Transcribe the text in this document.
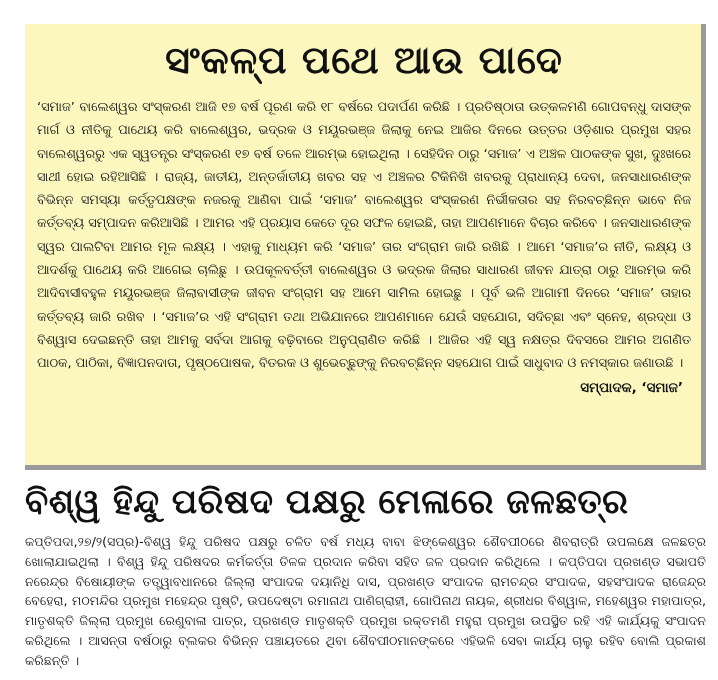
ସଂକଳ୍ପ ପଥେ ଆଉ ପାଦେ

‘ସମାଜ’ ବାଲେଶ୍ୱର ସଂସ୍କରଣ ଆଜି ୧୭ ବର୍ଷ ପୂରଣ କରି ୧୮ ବର୍ଷରେ ପଦାର୍ପଣ କରିଛି । ପ୍ରତିଷ୍ଠାତା ଉତ୍କଳମଣି ଗୋପବନ୍ଧୁ ଦାସଙ୍କ ମାର୍ଗ ଓ ନୀତିକୁ ପାଥେୟ କରି ବାଲେଶ୍ୱର, ଭଦ୍ରକ ଓ ମୟୂରଭଞ୍ଜ ଜିଲାକୁ ନେଇ ଆଜିର ଦିନରେ ଉତ୍ତର ଓଡ଼ିଶାର ପ୍ରମୁଖ ସହର ବାଲେଶ୍ୱରରୁ ଏକ ସ୍ୱତନ୍ତ୍ର ସଂସ୍କରଣ ୧୭ ବର୍ଷ ତଳେ ଆରମ୍ଭ ହୋଇଥିଲା । ସେହିଦିନ ଠାରୁ ‘ସମାଜ’ ଏ ଅଞ୍ଚଳ ପାଠକଙ୍କ ସୁଖ, ଦୁଃଖରେ ସାଥୀ ହୋଇ ରହିଆସିଛି । ରାଜ୍ୟ, ଜାତୀୟ, ଅନ୍ତର୍ଜାତୀୟ ଖବର ସହ ଏ ଅଞ୍ଚଳର ଟିକିନିଖି ଖବରକୁ ପ୍ରାଧାନ୍ୟ ଦେବା, ଜନସାଧାରଣଙ୍କ ବିଭିନ୍ନ ସମସ୍ୟା କର୍ତ୍ତୃପକ୍ଷଙ୍କ ନଜରକୁ ଆଣିବା ପାଇଁ ‘ସମାଜ’ ବାଲେଶ୍ୱର ସଂସ୍କରଣ ନିର୍ଭୀକତାର ସହ ନିରବଚ୍ଛିନ୍ନ ଭାବେ ନିଜ କର୍ତ୍ତବ୍ୟ ସମ୍ପାଦନ କରିଆସିଛି । ଆମର ଏହି ପ୍ରୟାସ କେତେ ଦୂର ସଫଳ ହୋଇଛି, ତାହା ଆପଣମାନେ ବିଚାର କରିବେ । ଜନସାଧାରଣଙ୍କ ସ୍ୱର ପାଲଟିବା ଆମର ମୂଳ ଲକ୍ଷ୍ୟ । ଏହାକୁ ମାଧ୍ୟମ କରି ‘ସମାଜ’ ତାର ସଂଗ୍ରାମ ଜାରି ରଖିଛି । ଆମେ ‘ସମାଜ’ର ନୀତି, ଲକ୍ଷ୍ୟ ଓ ଆଦର୍ଶକୁ ପାଥେୟ କରି ଆଗେଇ ଚାଲିଛୁ । ଉପକୂଳବର୍ତ୍ତୀ ବାଲେଶ୍ୱର ଓ ଭଦ୍ରକ ଜିଲାର ସାଧାରଣ ଜୀବନ ଯାତ୍ରା ଠାରୁ ଆରମ୍ଭ କରି ଆଦିବାସୀବହୁଳ ମୟୂରଭଞ୍ଜ ଜିଲାବାସୀଙ୍କ ଜୀବନ ସଂଗ୍ରାମ ସହ ଆମେ ସାମିଲ ହୋଇଛୁ । ପୂର୍ବ ଭଳି ଆଗାମୀ ଦିନରେ ‘ସମାଜ’ ତାହାର କର୍ତ୍ତବ୍ୟ ଜାରି ରଖିବ । ‘ସମାଜ’ର ଏହି ସଂଗ୍ରାମ ତଥା ଅଭିଯାନରେ ଆପଣମାନେ ଯେଉଁ ସହଯୋଗ, ସଦିଚ୍ଛା ଏବଂ ସ୍ନେହ, ଶ୍ରଦ୍ଧା ଓ ବିଶ୍ୱାସ ଦେଇଛନ୍ତି ତାହା ଆମକୁ ସର୍ବଦା ଆଗକୁ ବଢ଼ିବାରେ ଅନୁପ୍ରାଣିତ କରିଛି । ଆଜିର ଏହି ସ୍ୱ ନକ୍ଷତ୍ର ଦିବସରେ ଆମର ଅଗଣିତ ପାଠକ, ପାଠିକା, ବିଜ୍ଞାପନଦାତା, ପୃଷ୍ଠପୋଷକ, ବିତରକ ଓ ଶୁଭେଚ୍ଛୁଙ୍କୁ ନିରବଚ୍ଛିନ୍ନ ସହଯୋଗ ପାଇଁ ସାଧୁବାଦ ଓ ନମସ୍କାର ଜଣାଉଛି ।

ସମ୍ପାଦକ, ‘ସମାଜ’
ବିଶ୍ୱ ହିନ୍ଦୁ ପରିଷଦ ପକ୍ଷରୁ ମେଳାରେ ଜଳଛତ୍ର

କପ୍ତିପଦା,୨୭/୨(ସପ୍ର)-ବିଶ୍ୱ ହିନ୍ଦୁ ପରିଷଦ ପକ୍ଷରୁ ଚଳିତ ବର୍ଷ ମଧ୍ୟ ବାବା ଝିଙ୍କେଶ୍ୱର ଶୈବପୀଠରେ ଶିବରାତ୍ରି ଉପଲକ୍ଷେ ଜଳଛତ୍ର ଖୋଲାଯାଇଥିଲା । ବିଶ୍ୱ ହିନ୍ଦୁ ପରିଷଦର କର୍ମକର୍ତ୍ତା ତିଳକ ପ୍ରଦାନ କରିବା ସହିତ ଜଳ ପ୍ରଦାନ କରିଥିଲେ । କପ୍ତିପଦା ପ୍ରଖଣ୍ଡ ସଭାପତି ନରେନ୍ଦ୍ର ବିଷୋୟୀଙ୍କ ତତ୍ତ୍ୱାବଧାନରେ ଜିଲ୍ଲା ସଂପାଦକ ଦୟାନିଧି ଦାସ, ପ୍ରଖଣ୍ଡ ସଂପାଦକ ରାମଚନ୍ଦ୍ର ସଂପାଦକ, ସହସଂପାଦକ ରାଜେନ୍ଦ୍ର ବେହେରା, ମଠମନ୍ଦିର ପ୍ରମୁଖ ମହେନ୍ଦ୍ର ପୃଷ୍ଟି, ଉପଦେଷ୍ଟା ରମାନାଥ ପାଣିଗ୍ରାହୀ, ଗୋପିନାଥ ନାୟକ, ଶ୍ରୀଧର ବିଶ୍ୱାଳ, ମହେଶ୍ୱର ମହାପାତ୍ର, ମାତୃଶକ୍ତି ଜିଲ୍ଲା ପ୍ରମୁଖ ରେଣୁବାଳା ପାତ୍ର, ପ୍ରଖଣ୍ଡ ମାତୃଶକ୍ତି ପ୍ରମୁଖ ରକ୍ତମଣି ମହୁରା ପ୍ରମୁଖ ଉପସ୍ଥିତ ରହି ଏହି କାର୍ଯ୍ୟକୁ ସଂପାଦନ କରିଥିଲେ । ଆସନ୍ତା ବର୍ଷଠାରୁ ବ୍ଲକର ବିଭିନ୍ନ ପଞ୍ଚାୟତରେ ଥିବା ଶୈବପୀଠମାନଙ୍କରେ ଏହିଭଳି ସେବା କାର୍ଯ୍ୟ ଚାଲୁ ରହିବ ବୋଲି ପ୍ରକାଶ କରିଛନ୍ତି ।
